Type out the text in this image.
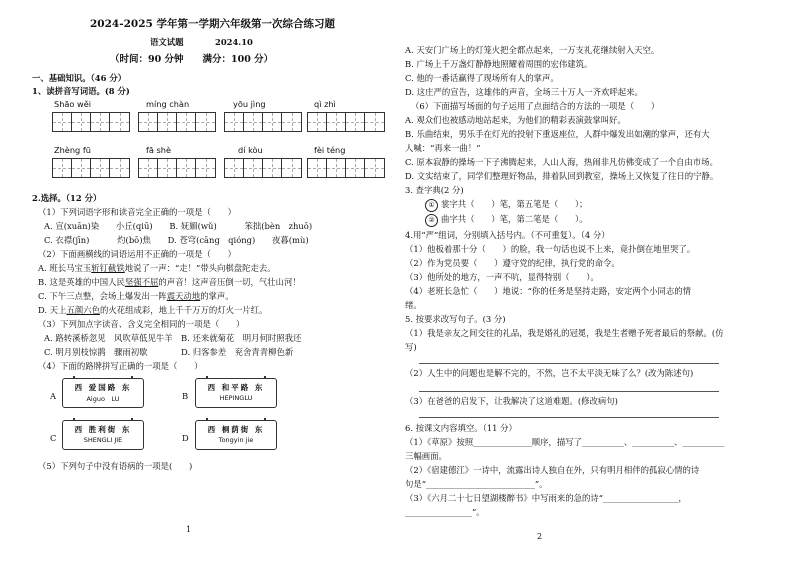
2024-2025 学年第一学期六年级第一次综合练习题
语文试题	2024.10
（时间：90 分钟　　满分：100 分）
一、基础知识。（46 分）
1、读拼音写词语。(8 分)
Shāo wěi	míng chàn	yōu jìng	qì zhì
Zhèng fū	fā shè	dí kòu	fèi téng
2.选择。（12 分）
（1）下列词语字形和读音完全正确的一项是（　　）
A. 宣(xuān)染　　小丘(qiū)　　B. 妩媚(wǔ)　　　 笨拙(bèn　zhuō)
C. 衣襟(jīn)　　　 灼(bō)焦　　D. 苍穹(cāng　qióng)　　夜暮(mù)
（2）下面画横线的词语运用不正确的一项是（　　）
A. 班长马宝玉斩钉截铁地说了一声：“走！”带头向棋盘陀走去。
B. 这是英雄的中国人民坚强不屈的声音！这声音压倒一切，气壮山河！
C. 下午三点整，会场上爆发出一阵震天动地的掌声。
D. 天上五颜六色的火花组成彩，地上千千万万的灯火一片红。
（3）下列加点字读音、含义完全相同的一项是（　　）
A. 路转溪桥忽见　风吹草低见牛羊　B. 还来就菊花　明月何时照我还
C. 明月别枝惊鹊　骤雨初歇　　　　D. 归客参差　兖舍青青柳色新
（4）下面的路牌拼写正确的一项是（　　）
A
西 爱国路 东
Aiguo　LU	B
西 和平路 东
HEPINGLU
C
西 胜利街 东
SHENGLI JIE	D
西 桐荫街 东
Tongyin jie
（5）下列句子中没有语病的一项是(　　)
1
A. 天安门广场上的灯笼火把全都点起来，一万支礼花继续射入天空。
B. 广场上千万盏灯静静地照耀着周围的宏伟建筑。
C. 他的一番话赢得了现场所有人的掌声。
D. 这庄严的宣告，这雄伟的声音，全场三十万人一齐欢呼起来。
（6）下面描写场面的句子运用了点面结合的方法的一项是（　　）
A. 观众们也被感动地站起来，为他们的精彩表演鼓掌叫好。
B. 乐曲结束，男乐手在灯光的投射下重返座位，人群中爆发出如潮的掌声，还有大
人喊：“再来一曲！”
C. 原本寂静的操场一下子沸腾起来，人山人海，热闹非凡仿佛变成了一个自由市场。
D. 文实结束了，同学们整理好物品，排着队回到教室，操场上又恢复了往日的宁静。
3. 查字典(2 分)
① 裳字共（　　）笔，第五笔是（　　）；
② 曲字共（　　）笔，第二笔是（　　）。
4.用“严”组词，分别填入括号内。（不可重复）。（4 分）
（1）他板着那十分（　　）的脸，我一句话也说不上来，竟扑倒在地里哭了。
（2）作为党员要（　　）遵守党的纪律，执行党的命令。
（3）他所处的地方，一声不吭，显得特别（　　）。
（4）老班长急忙（　　）地说：“你的任务是坚持走路，安定两个小同志的情
绪。
5. 按要求改写句子。(3 分)
（1）我是亲友之间交往的礼品，我是婚礼的冠冕，我是生者赠予死者最后的祭献。(仿
写)
（2）人生中的问题也是解不完的，不然，岂不太平淡无味了么？(改为陈述句)
（3）在爸爸的启发下，让我解决了这道难题。(修改病句)
6. 按课文内容填空。（11 分）
（1）《草原》按照______________顺序，描写了__________、__________、__________
三幅画面。
（2）《宿建德江》一诗中，流露出诗人独自在外，只有明月相伴的孤寂心情的诗
句是“__________________________”。
（3）《六月二十七日望湖楼醉书》中写雨来的急的诗“__________________，
________________”。
2
